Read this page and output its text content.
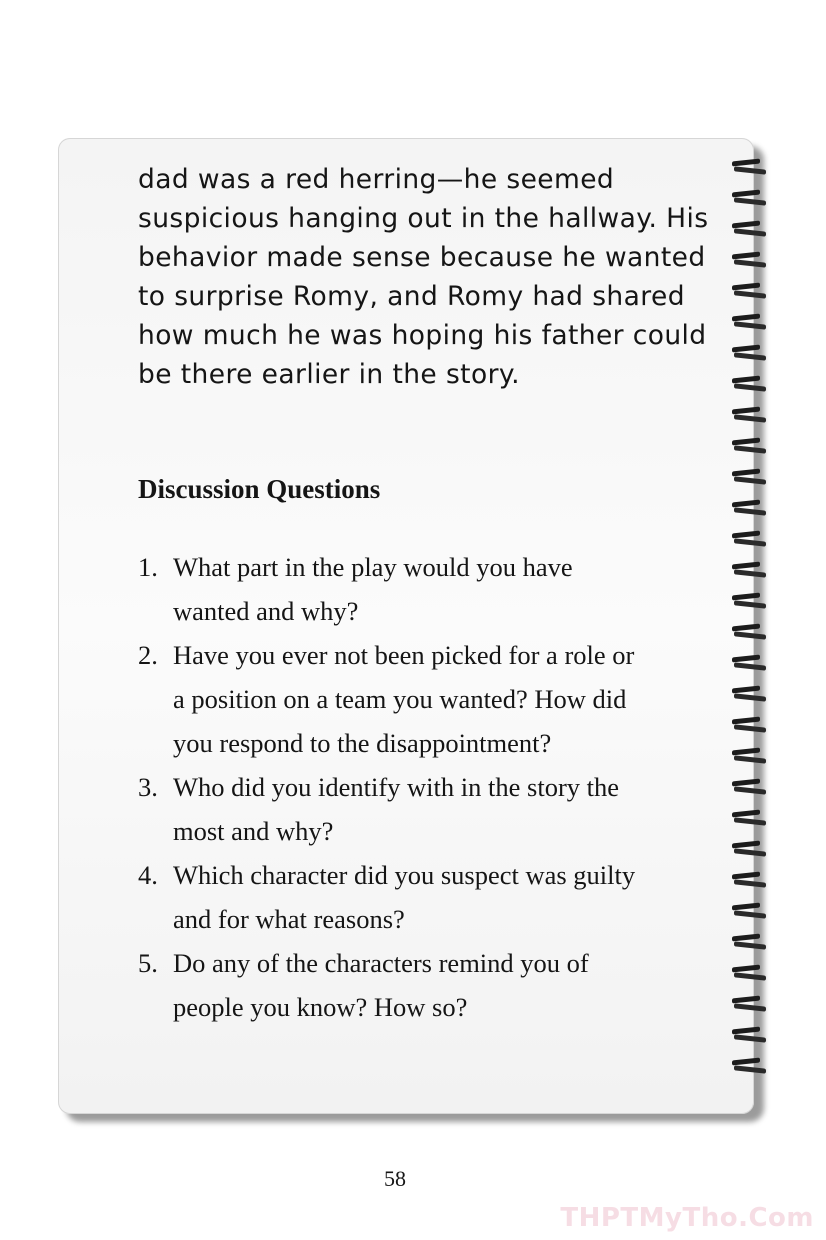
dad was a red herring—he seemed
suspicious hanging out in the hallway. His
behavior made sense because he wanted
to surprise Romy, and Romy had shared
how much he was hoping his father could
be there earlier in the story.
Discussion Questions
1. What part in the play would you have
wanted and why?
2. Have you ever not been picked for a role or
a position on a team you wanted? How did
you respond to the disappointment?
3. Who did you identify with in the story the
most and why?
4. Which character did you suspect was guilty
and for what reasons?
5. Do any of the characters remind you of
people you know? How so?
58
THPTMyTho.Com
